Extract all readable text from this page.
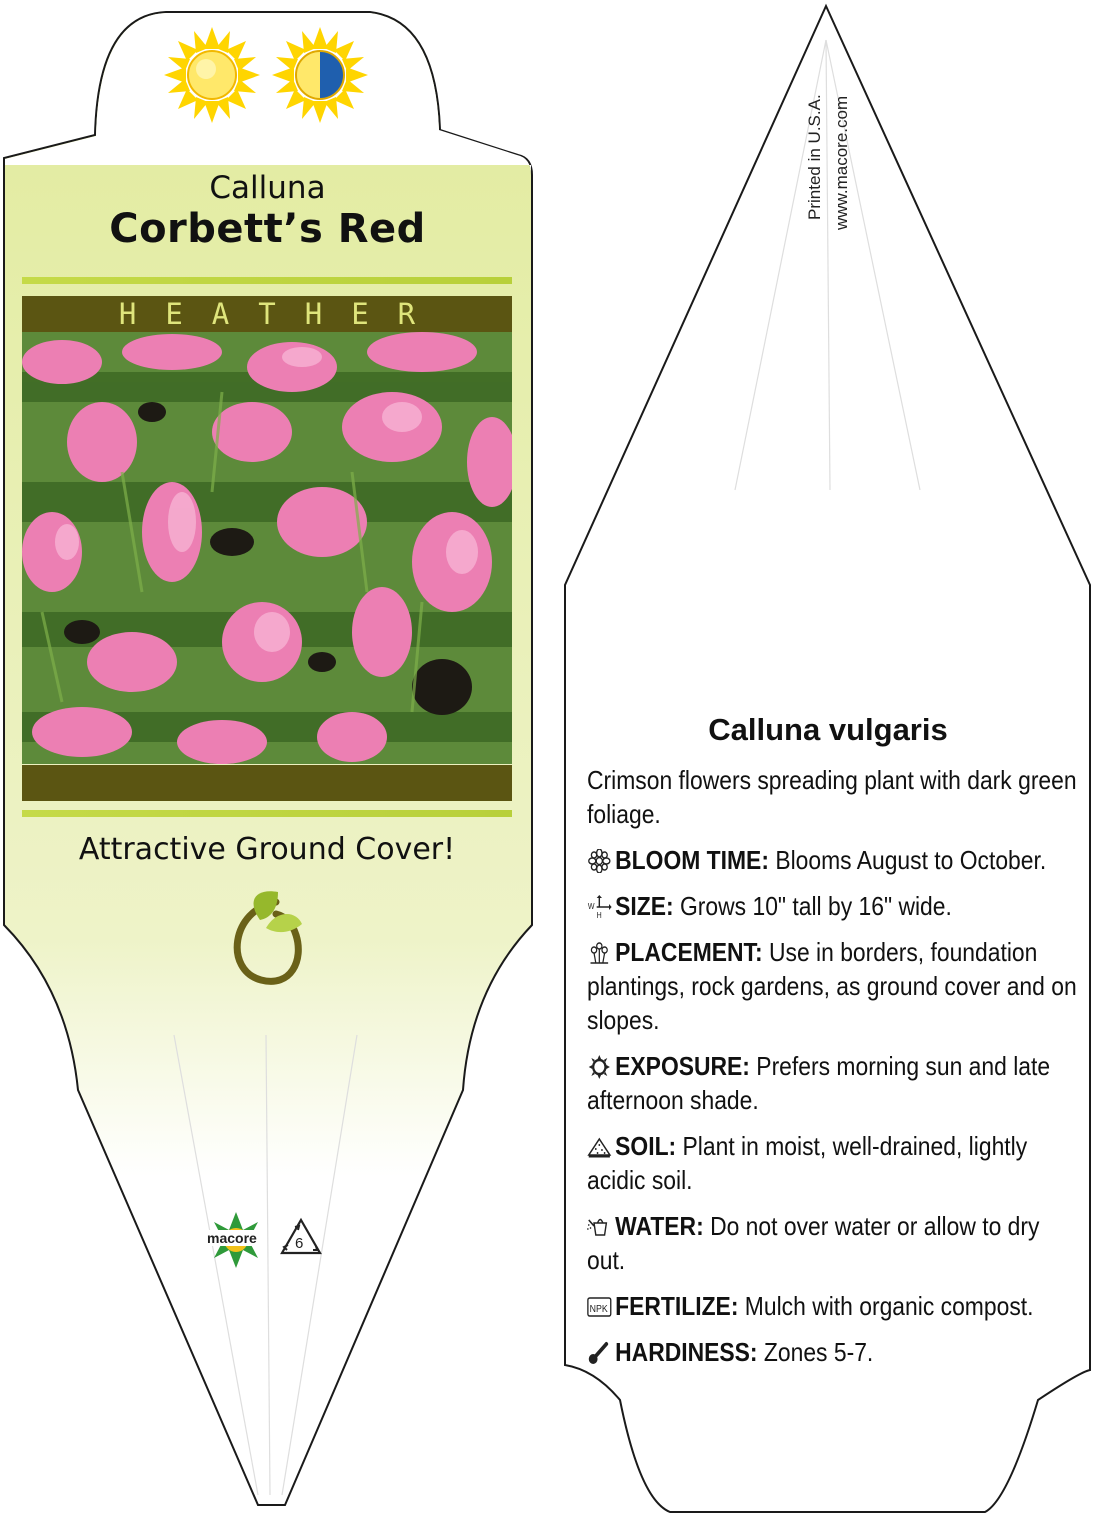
Calluna
Corbett’s Red
HEATHER
Attractive Ground Cover!
macore	6
Printed in U.S.A. www.macore.com
Calluna vulgaris

Crimson flowers spreading plant with dark green foliage.

BLOOM TIME: Blooms August to October.

W
H SIZE: Grows 10" tall by 16" wide.

PLACEMENT: Use in borders, foundation plantings, rock gardens, as ground cover and on slopes.

EXPOSURE: Prefers morning sun and late afternoon shade.

SOIL: Plant in moist, well-drained, lightly acidic soil.

WATER: Do not over water or allow to dry out.

NPK FERTILIZE: Mulch with organic compost.

HARDINESS: Zones 5-7.
